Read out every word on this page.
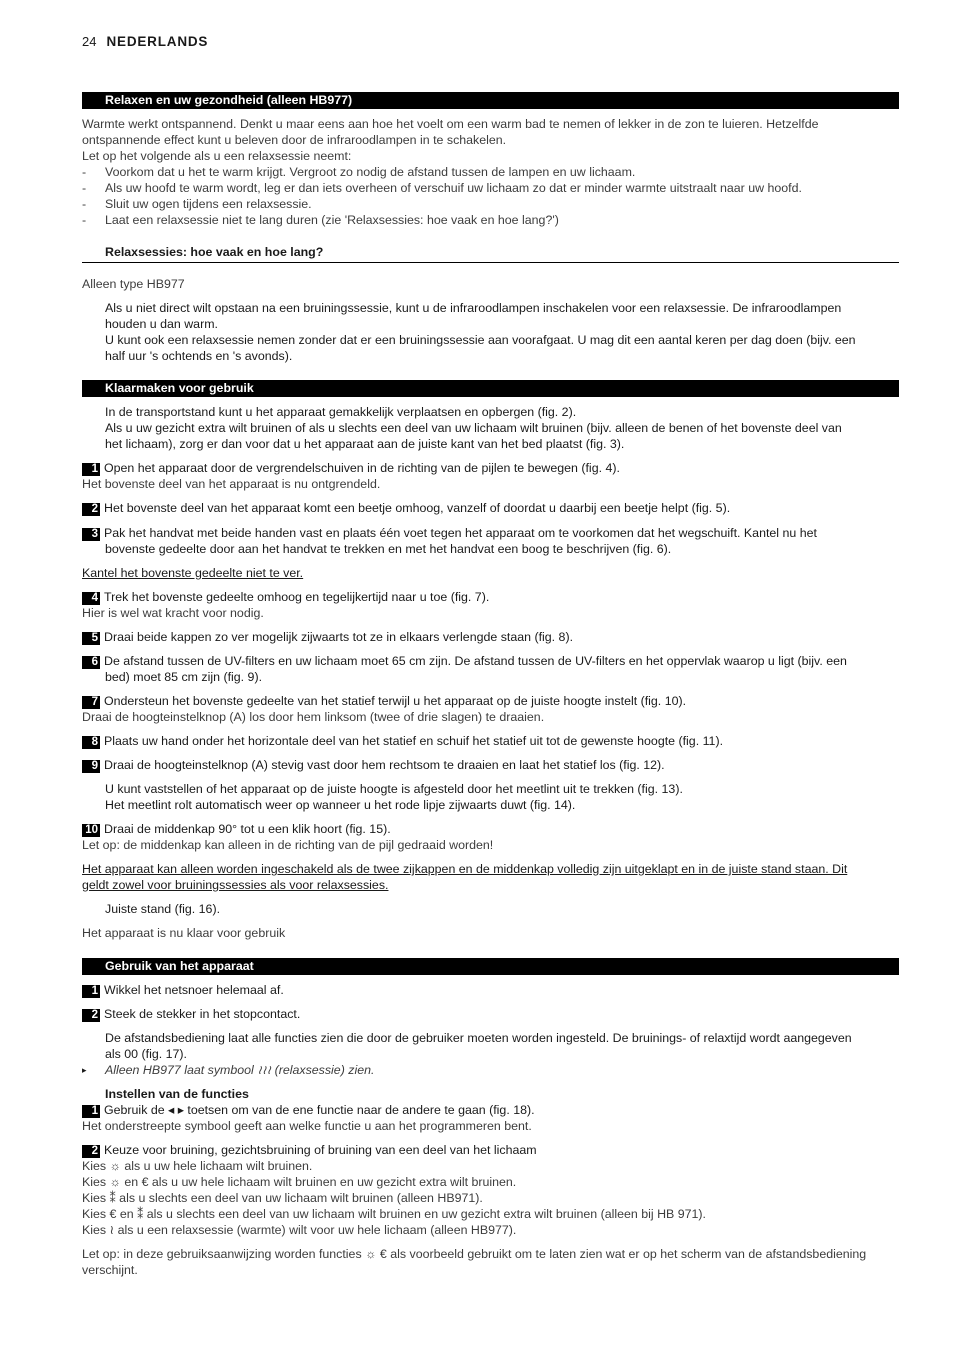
24 NEDERLANDS
Relaxen en uw gezondheid (alleen HB977)
Warmte werkt ontspannend. Denkt u maar eens aan hoe het voelt om een warm bad te nemen of lekker in de zon te luieren. Hetzelfde
ontspannende effect kunt u beleven door de infraroodlampen in te schakelen.
Let op het volgende als u een relaxsessie neemt:
- Voorkom dat u het te warm krijgt. Vergroot zo nodig de afstand tussen de lampen en uw lichaam.
- Als uw hoofd te warm wordt, leg er dan iets overheen of verschuif uw lichaam zo dat er minder warmte uitstraalt naar uw hoofd.
- Sluit uw ogen tijdens een relaxsessie.
- Laat een relaxsessie niet te lang duren (zie 'Relaxsessies: hoe vaak en hoe lang?')
Relaxsessies: hoe vaak en hoe lang?
Alleen type HB977
Als u niet direct wilt opstaan na een bruiningssessie, kunt u de infraroodlampen inschakelen voor een relaxsessie. De infraroodlampen
houden u dan warm.
U kunt ook een relaxsessie nemen zonder dat er een bruiningssessie aan voorafgaat. U mag dit een aantal keren per dag doen (bijv. een
half uur 's ochtends en 's avonds).
Klaarmaken voor gebruik
In de transportstand kunt u het apparaat gemakkelijk verplaatsen en opbergen (fig. 2).
Als u uw gezicht extra wilt bruinen of als u slechts een deel van uw lichaam wilt bruinen (bijv. alleen de benen of het bovenste deel van
het lichaam), zorg er dan voor dat u het apparaat aan de juiste kant van het bed plaatst (fig. 3).
1 Open het apparaat door de vergrendelschuiven in de richting van de pijlen te bewegen (fig. 4).
Het bovenste deel van het apparaat is nu ontgrendeld.
2 Het bovenste deel van het apparaat komt een beetje omhoog, vanzelf of doordat u daarbij een beetje helpt (fig. 5).
3 Pak het handvat met beide handen vast en plaats één voet tegen het apparaat om te voorkomen dat het wegschuift. Kantel nu het
bovenste gedeelte door aan het handvat te trekken en met het handvat een boog te beschrijven (fig. 6).
Kantel het bovenste gedeelte niet te ver.
4 Trek het bovenste gedeelte omhoog en tegelijkertijd naar u toe (fig. 7).
Hier is wel wat kracht voor nodig.
5 Draai beide kappen zo ver mogelijk zijwaarts tot ze in elkaars verlengde staan (fig. 8).
6 De afstand tussen de UV-filters en uw lichaam moet 65 cm zijn. De afstand tussen de UV-filters en het oppervlak waarop u ligt (bijv. een
bed) moet 85 cm zijn (fig. 9).
7 Ondersteun het bovenste gedeelte van het statief terwijl u het apparaat op de juiste hoogte instelt (fig. 10).
Draai de hoogteinstelknop (A) los door hem linksom (twee of drie slagen) te draaien.
8 Plaats uw hand onder het horizontale deel van het statief en schuif het statief uit tot de gewenste hoogte (fig. 11).
9 Draai de hoogteinstelknop (A) stevig vast door hem rechtsom te draaien en laat het statief los (fig. 12).
U kunt vaststellen of het apparaat op de juiste hoogte is afgesteld door het meetlint uit te trekken (fig. 13).
Het meetlint rolt automatisch weer op wanneer u het rode lipje zijwaarts duwt (fig. 14).
10 Draai de middenkap 90° tot u een klik hoort (fig. 15).
Let op: de middenkap kan alleen in de richting van de pijl gedraaid worden!
Het apparaat kan alleen worden ingeschakeld als de twee zijkappen en de middenkap volledig zijn uitgeklapt en in de juiste stand staan. Dit
geldt zowel voor bruiningssessies als voor relaxsessies.
Juiste stand (fig. 16).
Het apparaat is nu klaar voor gebruik
Gebruik van het apparaat
1 Wikkel het netsnoer helemaal af.
2 Steek de stekker in het stopcontact.
De afstandsbediening laat alle functies zien die door de gebruiker moeten worden ingesteld. De bruinings- of relaxtijd wordt aangegeven
als 00 (fig. 17).
▸	Alleen HB977 laat symbool ≀≀≀ (relaxsessie) zien.
Instellen van de functies
1 Gebruik de ◂ ▸ toetsen om van de ene functie naar de andere te gaan (fig. 18).
Het onderstreepte symbool geeft aan welke functie u aan het programmeren bent.
2 Keuze voor bruining, gezichtsbruining of bruining van een deel van het lichaam
Kies ☼ als u uw hele lichaam wilt bruinen.
Kies ☼ en € als u uw hele lichaam wilt bruinen en uw gezicht extra wilt bruinen.
Kies ⁑ als u slechts een deel van uw lichaam wilt bruinen (alleen HB971).
Kies € en ⁑ als u slechts een deel van uw lichaam wilt bruinen en uw gezicht extra wilt bruinen (alleen bij HB 971).
Kies ≀ als u een relaxsessie (warmte) wilt voor uw hele lichaam (alleen HB977).
Let op: in deze gebruiksaanwijzing worden functies ☼ € als voorbeeld gebruikt om te laten zien wat er op het scherm van de afstandsbediening
verschijnt.
